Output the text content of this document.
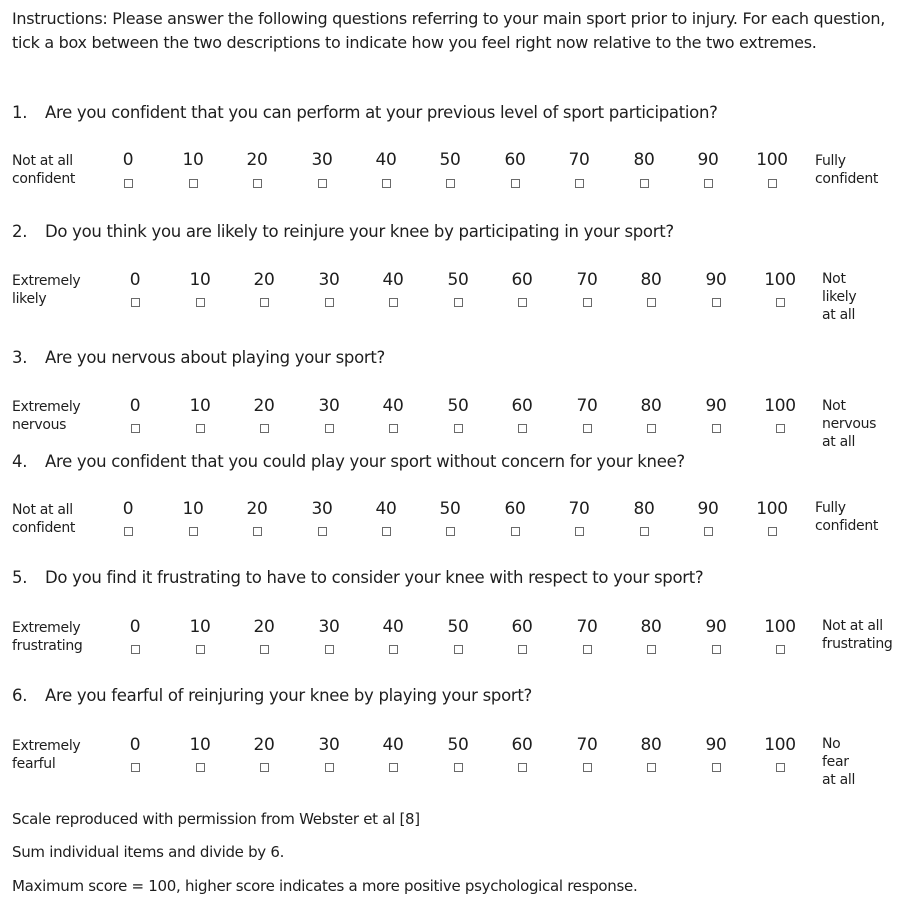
Instructions: Please answer the following questions referring to your main sport prior to injury. For each question, tick a box between the two descriptions to indicate how you feel right now relative to the two extremes.
1. Are you confident that you can perform at your previous level of sport participation?
Not at all
confident
Fully
confident
0	10	20	30	40	50	60	70	80	90	100
2. Do you think you are likely to reinjure your knee by participating in your sport?
Extremely
likely
Not
likely
at all
0	10	20	30	40	50	60	70	80	90	100
3. Are you nervous about playing your sport?
Extremely
nervous
Not
nervous
at all
0	10	20	30	40	50	60	70	80	90	100
4. Are you confident that you could play your sport without concern for your knee?
Not at all
confident
Fully
confident
0	10	20	30	40	50	60	70	80	90	100
5. Do you find it frustrating to have to consider your knee with respect to your sport?
Extremely
frustrating
Not at all
frustrating
0	10	20	30	40	50	60	70	80	90	100
6. Are you fearful of reinjuring your knee by playing your sport?
Extremely
fearful
No
fear
at all
0	10	20	30	40	50	60	70	80	90	100
Scale reproduced with permission from Webster et al [8]
Sum individual items and divide by 6.
Maximum score = 100, higher score indicates a more positive psychological response.
